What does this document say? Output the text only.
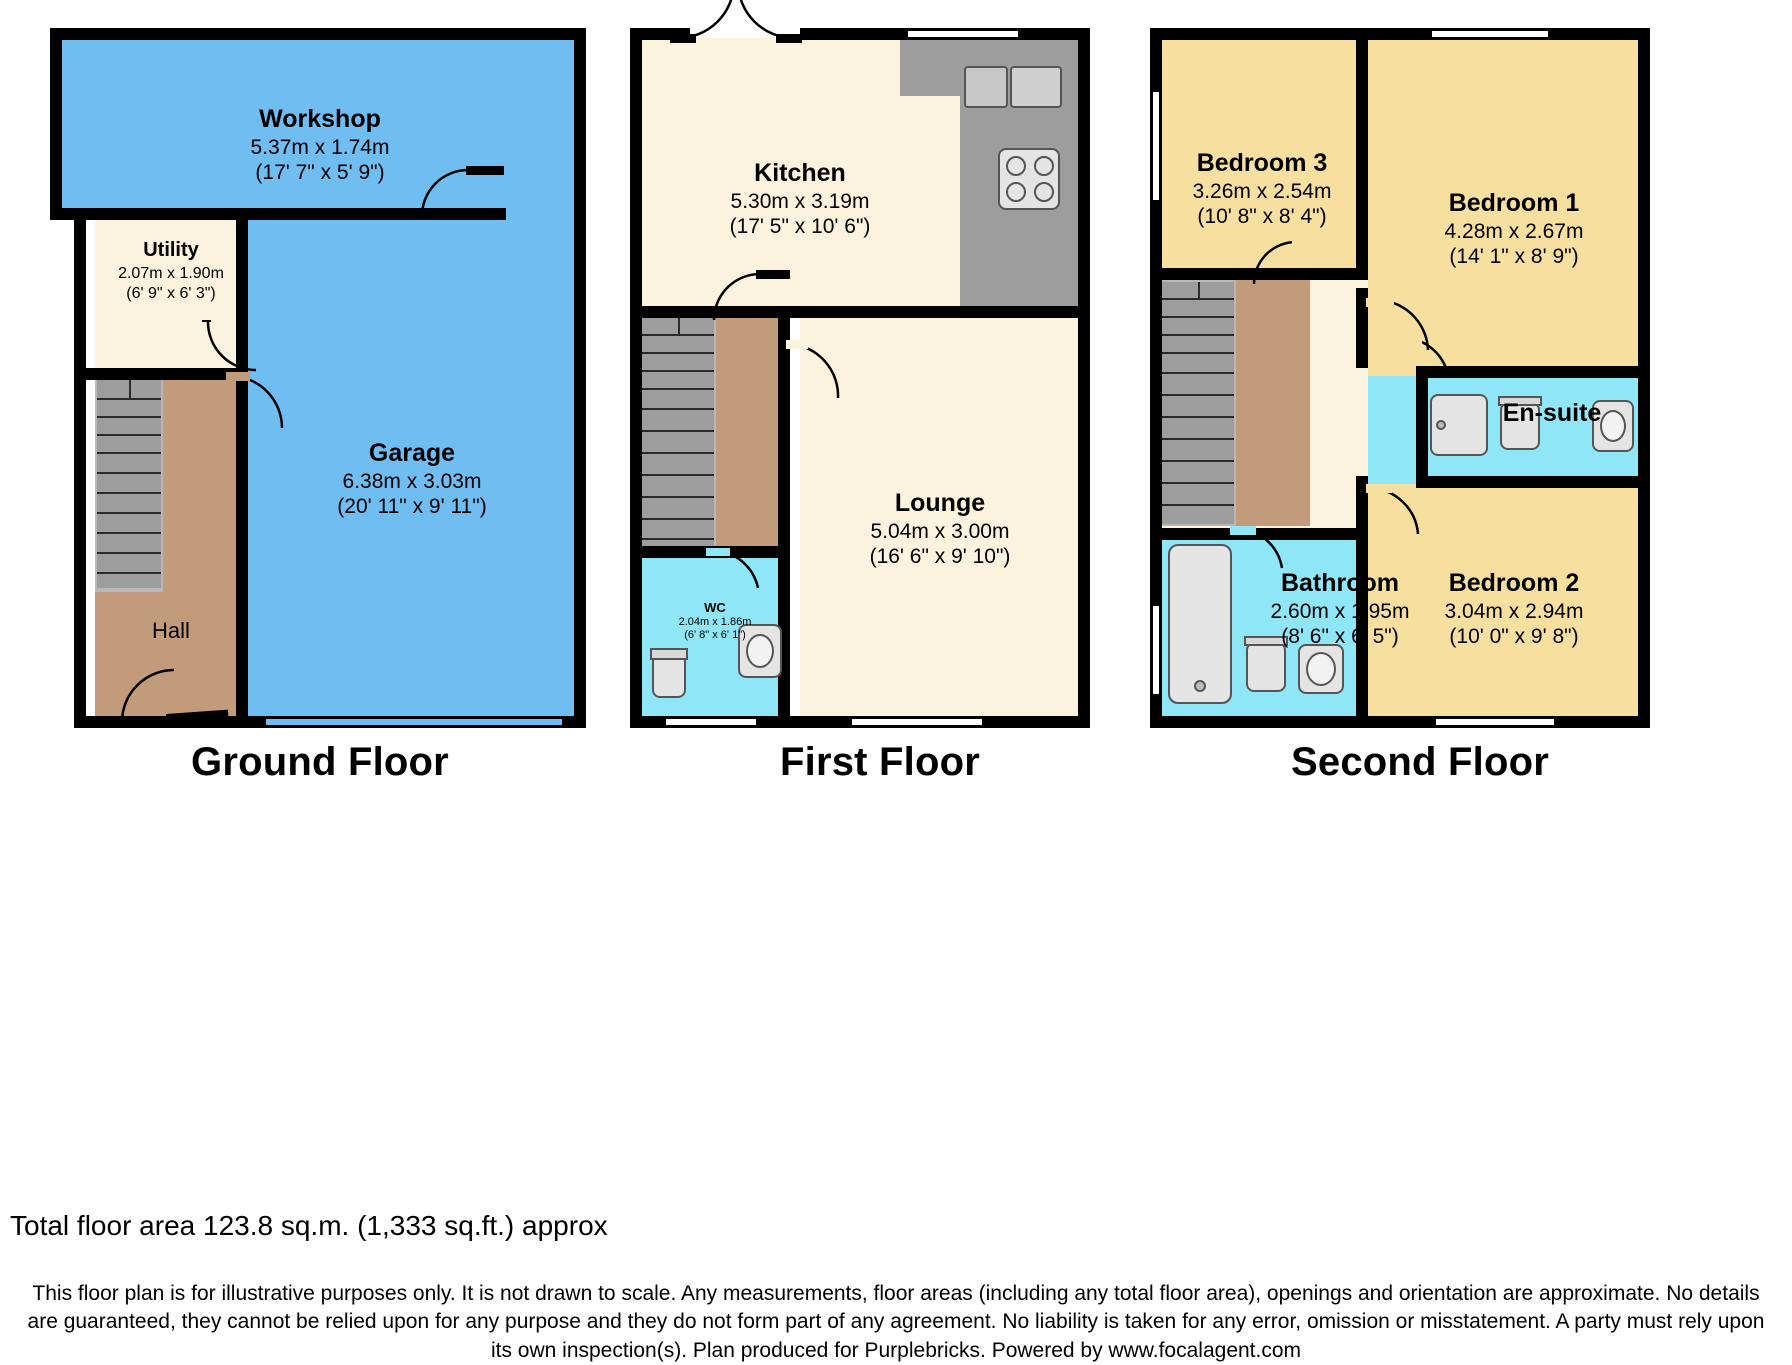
Workshop
5.37m x 1.74m
(17' 7" x 5' 9")
Utility
2.07m x 1.90m
(6' 9" x 6' 3")
Garage
6.38m x 3.03m
(20' 11" x 9' 11")
Hall
Ground Floor
Kitchen
5.30m x 3.19m
(17' 5" x 10' 6")
Lounge
5.04m x 3.00m
(16' 6" x 9' 10")
WC
2.04m x 1.86m
(6' 8" x 6' 1")
First Floor
Bedroom 3
3.26m x 2.54m
(10' 8" x 8' 4")	Bedroom 1
4.28m x 2.67m
(14' 1" x 8' 9")
En-suite
Bathroom
2.60m x 1.95m
(8' 6" x 6' 5")
Bedroom 2
3.04m x 2.94m
(10' 0" x 9' 8")
Second Floor
Total floor area 123.8 sq.m. (1,333 sq.ft.) approx
This floor plan is for illustrative purposes only. It is not drawn to scale. Any measurements, floor areas (including any total floor area), openings and orientation are approximate. No details are guaranteed, they cannot be relied upon for any purpose and they do not form part of any agreement. No liability is taken for any error, omission or misstatement. A party must rely upon its own inspection(s). Plan produced for Purplebricks. Powered by www.focalagent.com
